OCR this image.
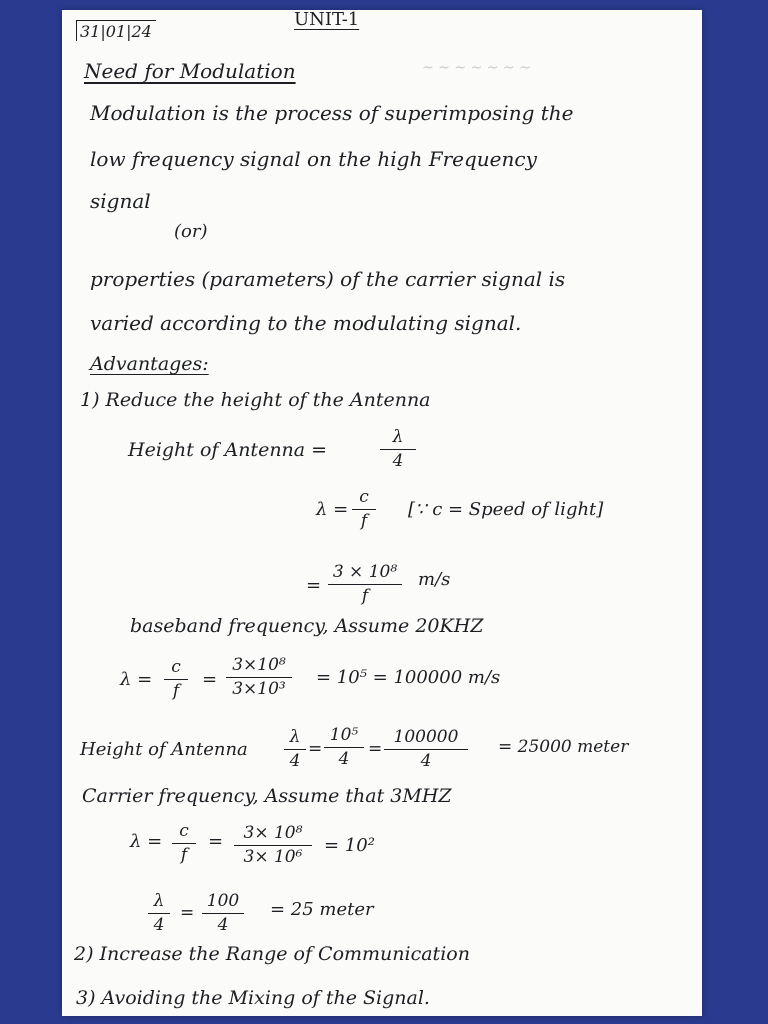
~ ~ ~ ~ ~ ~ ~
31|01|24
UNIT-1
Need for Modulation
Modulation is the process of superimposing the
low frequency signal on the high Frequency
signal
(or)
properties (parameters) of the carrier signal is
varied according to the modulating signal.
Advantages:
1) Reduce the height of the Antenna
Height of Antenna =
λ
4
λ =
c
f
[∵ c = Speed of light]
=
3 × 10⁸
f
m/s
baseband frequency, Assume 20KHZ
λ =
c
f
=
3×10⁸
3×10³
= 10⁵ = 100000 m/s
Height of Antenna
λ
4
=
10⁵
4	=
100000
4
= 25000 meter
Carrier frequency, Assume that 3MHZ
λ =	c
f
=	3× 10⁸
3× 10⁶
= 10²
λ
4
=
100
4
= 25 meter
2) Increase the Range of Communication
3) Avoiding the Mixing of the Signal.
